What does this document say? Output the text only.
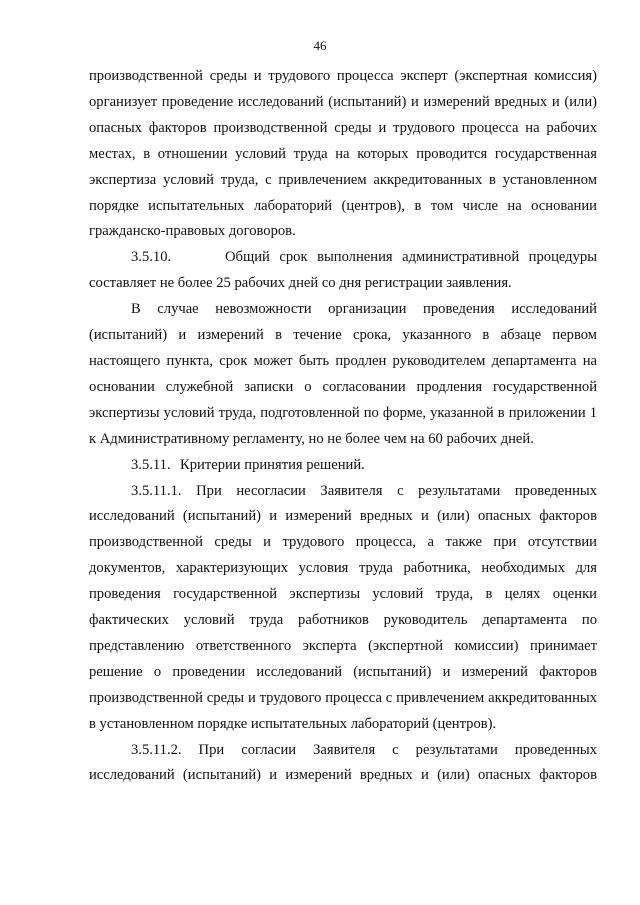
46

производственной среды и трудового процесса эксперт (экспертная комиссия) организует проведение исследований (испытаний) и измерений вредных и (или) опасных факторов производственной среды и трудового процесса на рабочих местах, в отношении условий труда на которых проводится государственная экспертиза условий труда, с привлечением аккредитованных в установленном порядке испытательных лабораторий (центров), в том числе на основании гражданско-правовых договоров.

3.5.10.	Общий срок выполнения административной процедуры

составляет не более 25 рабочих дней со дня регистрации заявления.

В случае невозможности организации проведения исследований (испытаний) и измерений в течение срока, указанного в абзаце первом настоящего пункта, срок может быть продлен руководителем департамента на основании служебной записки о согласовании продления государственной экспертизы условий труда, подготовленной по форме, указанной в приложении 1 к Административному регламенту, но не более чем на 60 рабочих дней.

3.5.11. Критерии принятия решений.

3.5.11.1. При несогласии Заявителя с результатами проведенных исследований (испытаний) и измерений вредных и (или) опасных факторов производственной среды и трудового процесса, а также при отсутствии документов, характеризующих условия труда работника, необходимых для проведения государственной экспертизы условий труда, в целях оценки фактических условий труда работников руководитель департамента по представлению ответственного эксперта (экспертной комиссии) принимает решение о проведении исследований (испытаний) и измерений факторов производственной среды и трудового процесса с привлечением аккредитованных в установленном порядке испытательных лабораторий (центров).

3.5.11.2. При согласии Заявителя с результатами проведенных исследований (испытаний) и измерений вредных и (или) опасных факторов
